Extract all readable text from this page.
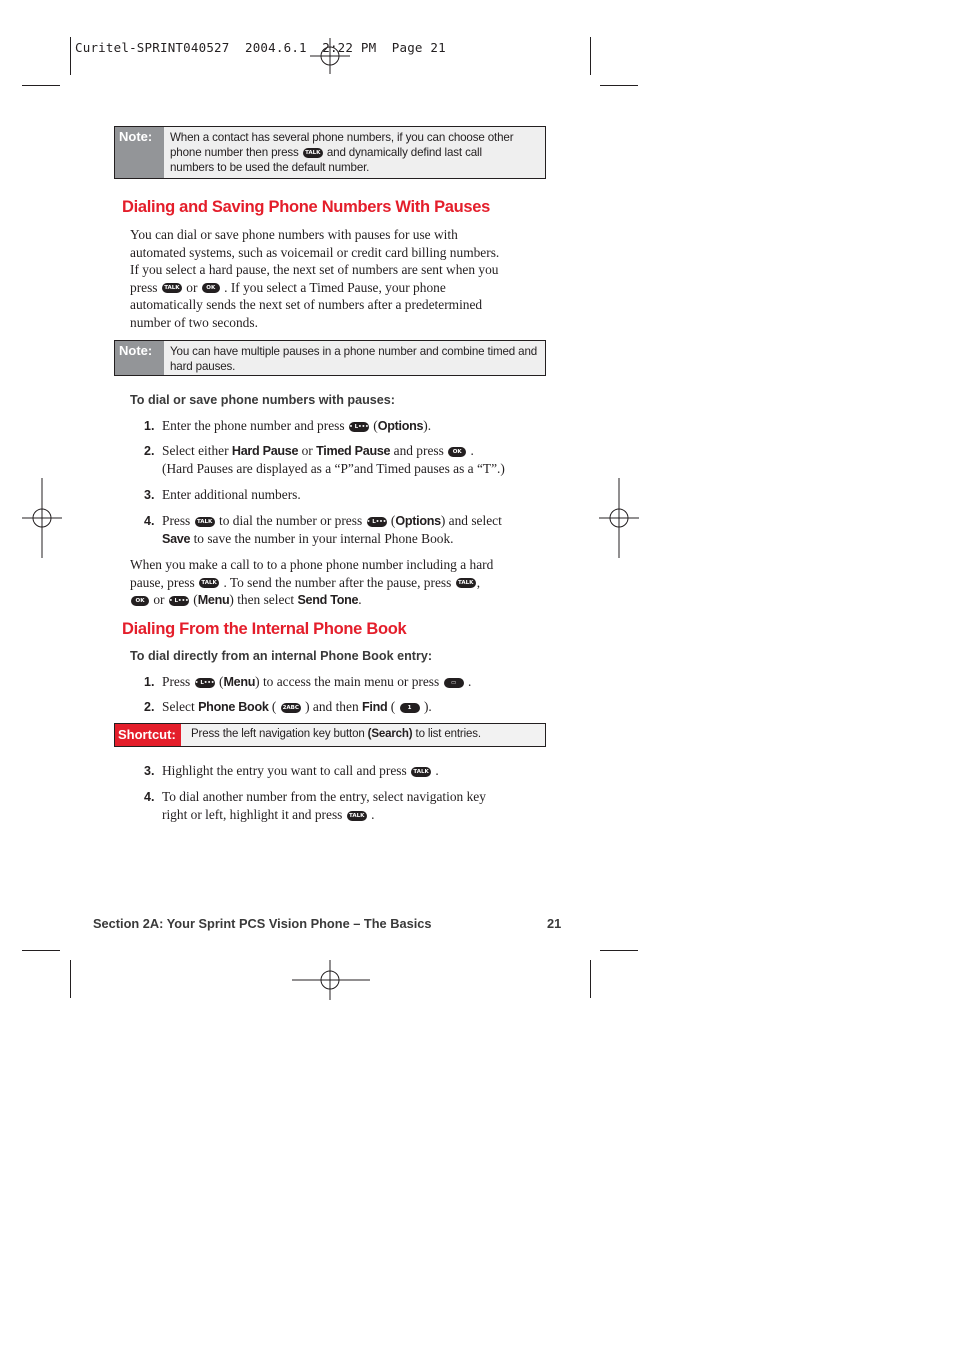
Curitel-SPRINT040527  2004.6.1  2:22 PM  Page 21
Note:	When a contact has several phone numbers, if you can choose other
phone number then press TALK and dynamically defind last call
numbers to be used the default number.
Dialing and Saving Phone Numbers With Pauses
You can dial or save phone numbers with pauses for use with
automated systems, such as voicemail or credit card billing numbers.
If you select a hard pause, the next set of numbers are sent when you
press TALK or OK . If you select a Timed Pause, your phone
automatically sends the next set of numbers after a predetermined
number of two seconds.
Note:	You can have multiple pauses in a phone number and combine timed and
hard pauses.
To dial or save phone numbers with pauses:
1. Enter the phone number and press • L••• (Options).
2. Select either Hard Pause or Timed Pause and press OK .
(Hard Pauses are displayed as a “P”and Timed pauses as a “T”.)
3. Enter additional numbers.
4. Press TALK to dial the number or press • L••• (Options) and select
Save to save the number in your internal Phone Book.
When you make a call to to a phone phone number including a hard
pause, press TALK . To send the number after the pause, press TALK ,
OK or • L••• (Menu) then select Send Tone.
Dialing From the Internal Phone Book
To dial directly from an internal Phone Book entry:
1. Press • L••• (Menu) to access the main menu or press ▭ .
2. Select Phone Book ( 2ABC ) and then Find ( 1 ).
Shortcut:	Press the left navigation key button (Search) to list entries.
3. Highlight the entry you want to call and press TALK .
4. To dial another number from the entry, select navigation key
right or left, highlight it and press TALK .
Section 2A: Your Sprint PCS Vision Phone – The Basics	21
